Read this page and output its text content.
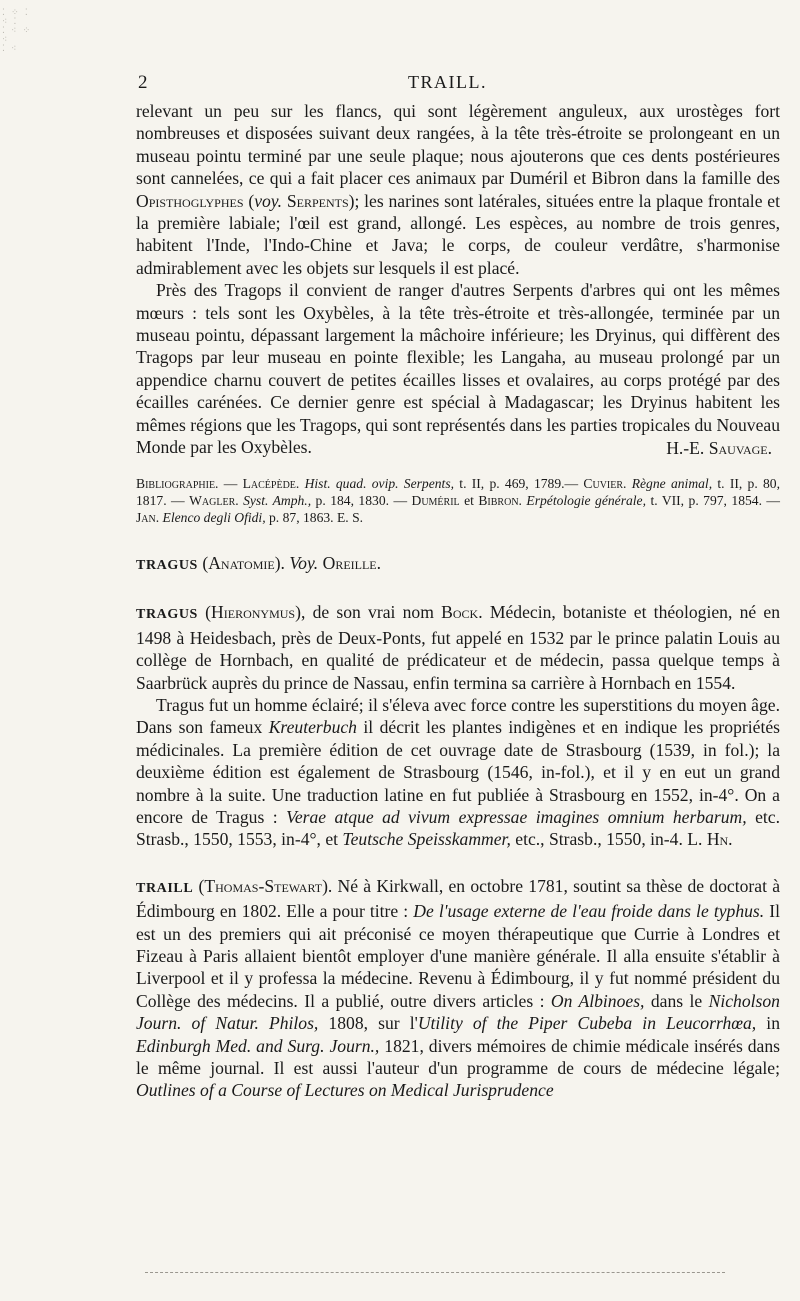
⁚ ⁘ ⁚
⁖ ⁚
⁚ ⁖ ⁘
⁖
⁚ ⁖
2	TRAILL.

relevant un peu sur les flancs, qui sont légèrement anguleux, aux urostèges fort nombreuses et disposées suivant deux rangées, à la tête très-étroite se prolongeant en un museau pointu terminé par une seule plaque; nous ajouterons que ces dents postérieures sont cannelées, ce qui a fait placer ces animaux par Duméril et Bibron dans la famille des Opisthoglyphes (voy. Serpents); les narines sont latérales, situées entre la plaque frontale et la première labiale; l'œil est grand, allongé. Les espèces, au nombre de trois genres, habitent l'Inde, l'Indo-Chine et Java; le corps, de couleur verdâtre, s'harmonise admirablement avec les objets sur lesquels il est placé.

Près des Tragops il convient de ranger d'autres Serpents d'arbres qui ont les mêmes mœurs : tels sont les Oxybèles, à la tête très-étroite et très-allongée, terminée par un museau pointu, dépassant largement la mâchoire inférieure; les Dryinus, qui diffèrent des Tragops par leur museau en pointe flexible; les Langaha, au museau prolongé par un appendice charnu couvert de petites écailles lisses et ovalaires, au corps protégé par des écailles carénées. Ce dernier genre est spécial à Madagascar; les Dryinus habitent les mêmes régions que les Tragops, qui sont représentés dans les parties tropicales du Nouveau Monde par les Oxybèles.	H.-E. Sauvage.

Bibliographie. — Lacépède. Hist. quad. ovip. Serpents, t. II, p. 469, 1789.— Cuvier. Règne animal, t. II, p. 80, 1817. — Wagler. Syst. Amph., p. 184, 1830. — Duméril et Bibron. Erpétologie générale, t. VII, p. 797, 1854. — Jan. Elenco degli Ofidi, p. 87, 1863. E. S.

TRAGUS (Anatomie). Voy. Oreille.

TRAGUS (Hieronymus), de son vrai nom Bock. Médecin, botaniste et théologien, né en 1498 à Heidesbach, près de Deux-Ponts, fut appelé en 1532 par le prince palatin Louis au collège de Hornbach, en qualité de prédicateur et de médecin, passa quelque temps à Saarbrück auprès du prince de Nassau, enfin termina sa carrière à Hornbach en 1554.

Tragus fut un homme éclairé; il s'éleva avec force contre les superstitions du moyen âge. Dans son fameux Kreuterbuch il décrit les plantes indigènes et en indique les propriétés médicinales. La première édition de cet ouvrage date de Strasbourg (1539, in fol.); la deuxième édition est également de Strasbourg (1546, in-fol.), et il y en eut un grand nombre à la suite. Une traduction latine en fut publiée à Strasbourg en 1552, in-4°. On a encore de Tragus : Verae atque ad vivum expressae imagines omnium herbarum, etc. Strasb., 1550, 1553, in-4°, et Teutsche Speisskammer, etc., Strasb., 1550, in-4. L. Hn.

TRAILL (Thomas-Stewart). Né à Kirkwall, en octobre 1781, soutint sa thèse de doctorat à Édimbourg en 1802. Elle a pour titre : De l'usage externe de l'eau froide dans le typhus. Il est un des premiers qui ait préconisé ce moyen thérapeutique que Currie à Londres et Fizeau à Paris allaient bientôt employer d'une manière générale. Il alla ensuite s'établir à Liverpool et il y professa la médecine. Revenu à Édimbourg, il y fut nommé président du Collège des médecins. Il a publié, outre divers articles : On Albinoes, dans le Nicholson Journ. of Natur. Philos, 1808, sur l'Utility of the Piper Cubeba in Leucorrhœa, in Edinburgh Med. and Surg. Journ., 1821, divers mémoires de chimie médicale insérés dans le même journal. Il est aussi l'auteur d'un programme de cours de médecine légale; Outlines of a Course of Lectures on Medical Jurisprudence
